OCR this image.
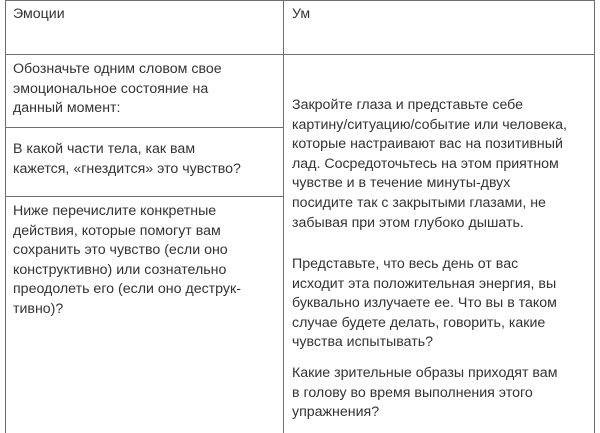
Эмоции	Ум
Обозначьте одним словом свое
эмоциональное состояние на
данный момент:
В какой части тела, как вам
кажется, «гнездится» это чувство?
Ниже перечислите конкретные
действия, которые помогут вам
сохранить это чувство (если оно
конструктивно) или сознательно
преодолеть его (если оно деструк-
тивно)?
Закройте глаза и представьте себе
картину/ситуацию/событие или человека,
которые настраивают вас на позитивный
лад. Сосредоточьтесь на этом приятном
чувстве и в течение минуты-двух
посидите так с закрытыми глазами, не
забывая при этом глубоко дышать.
Представьте, что весь день от вас
исходит эта положительная энергия, вы
буквально излучаете ее. Что вы в таком
случае будете делать, говорить, какие
чувства испытывать?
Какие зрительные образы приходят вам
в голову во время выполнения этого
упражнения?
